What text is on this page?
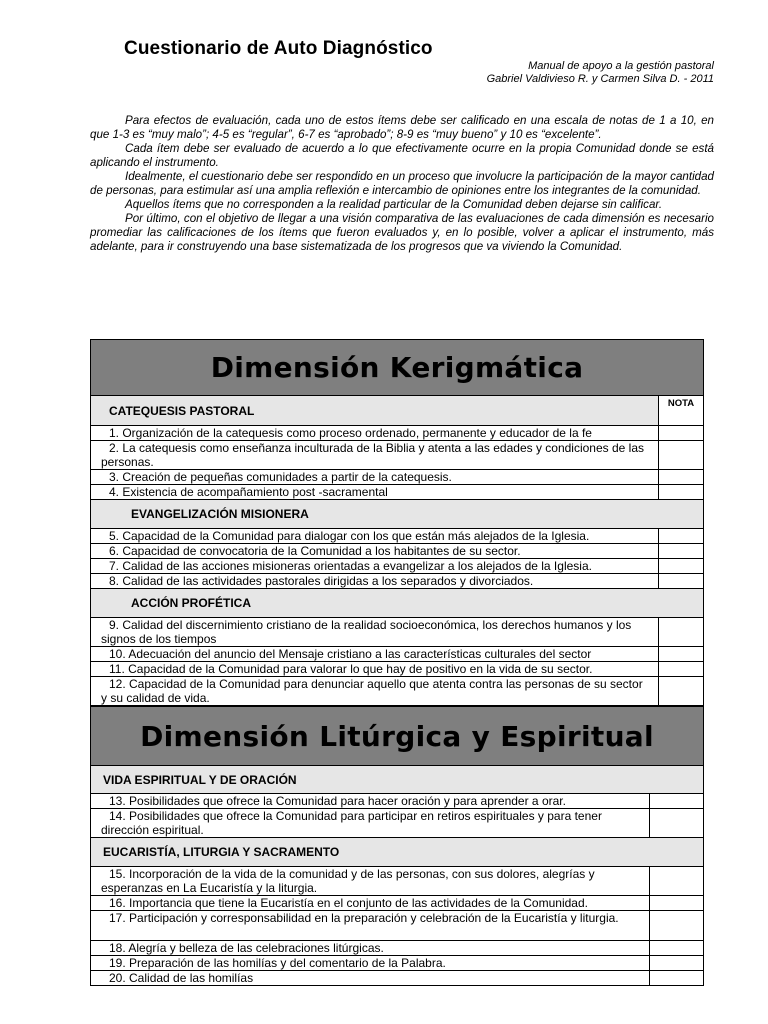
Cuestionario de Auto Diagnóstico
Manual de apoyo a la gestión pastoral
Gabriel Valdivieso R. y Carmen Silva D. - 2011

Para efectos de evaluación, cada uno de estos ítems debe ser calificado en una escala de notas de 1 a 10, en que 1-3 es “muy malo”; 4-5 es “regular”, 6-7 es “aprobado”; 8-9 es “muy bueno” y 10 es “excelente”.

Cada ítem debe ser evaluado de acuerdo a lo que efectivamente ocurre en la propia Comunidad donde se está aplicando el instrumento.

Idealmente, el cuestionario debe ser respondido en un proceso que involucre la participación de la mayor cantidad de personas, para estimular así una amplia reflexión e intercambio de opiniones entre los integrantes de la comunidad.

Aquellos ítems que no corresponden a la realidad particular de la Comunidad deben dejarse sin calificar.

Por último, con el objetivo de llegar a una visión comparativa de las evaluaciones de cada dimensión es necesario promediar las calificaciones de los ítems que fueron evaluados y, en lo posible, volver a aplicar el instrumento, más adelante, para ir construyendo una base sistematizada de los progresos que va viviendo la Comunidad.

Dimensión Kerigmática
CATEQUESIS PASTORAL	NOTA
1. Organización de la catequesis como proceso ordenado, permanente y educador de la fe
2. La catequesis como enseñanza inculturada de la Biblia y atenta a las edades y condiciones de las personas.
3. Creación de pequeñas comunidades a partir de la catequesis.
4. Existencia de acompañamiento post -sacramental
EVANGELIZACIÓN MISIONERA
5. Capacidad de la Comunidad para dialogar con los que están más alejados de la Iglesia.
6. Capacidad de convocatoria de la Comunidad a los habitantes de su sector.
7. Calidad de las acciones misioneras orientadas a evangelizar a los alejados de la Iglesia.
8. Calidad de las actividades pastorales dirigidas a los separados y divorciados.
ACCIÓN PROFÉTICA
9. Calidad del discernimiento cristiano de la realidad socioeconómica, los derechos humanos y los signos de los tiempos
10. Adecuación del anuncio del Mensaje cristiano a las características culturales del sector
11. Capacidad de la Comunidad para valorar lo que hay de positivo en la vida de su sector.
12. Capacidad de la Comunidad para denunciar aquello que atenta contra las personas de su sector y su calidad de vida.
Dimensión Litúrgica y Espiritual
VIDA ESPIRITUAL Y DE ORACIÓN
13. Posibilidades que ofrece la Comunidad para hacer oración y para aprender a orar.
14. Posibilidades que ofrece la Comunidad para participar en retiros espirituales y para tener dirección espiritual.
EUCARISTÍA, LITURGIA Y SACRAMENTO
15. Incorporación de la vida de la comunidad y de las personas, con sus dolores, alegrías y esperanzas en La Eucaristía y la liturgia.
16. Importancia que tiene la Eucaristía en el conjunto de las actividades de la Comunidad.
17. Participación y corresponsabilidad en la preparación y celebración de la Eucaristía y liturgia.
18. Alegría y belleza de las celebraciones litúrgicas.
19. Preparación de las homilías y del comentario de la Palabra.
20. Calidad de las homilías
